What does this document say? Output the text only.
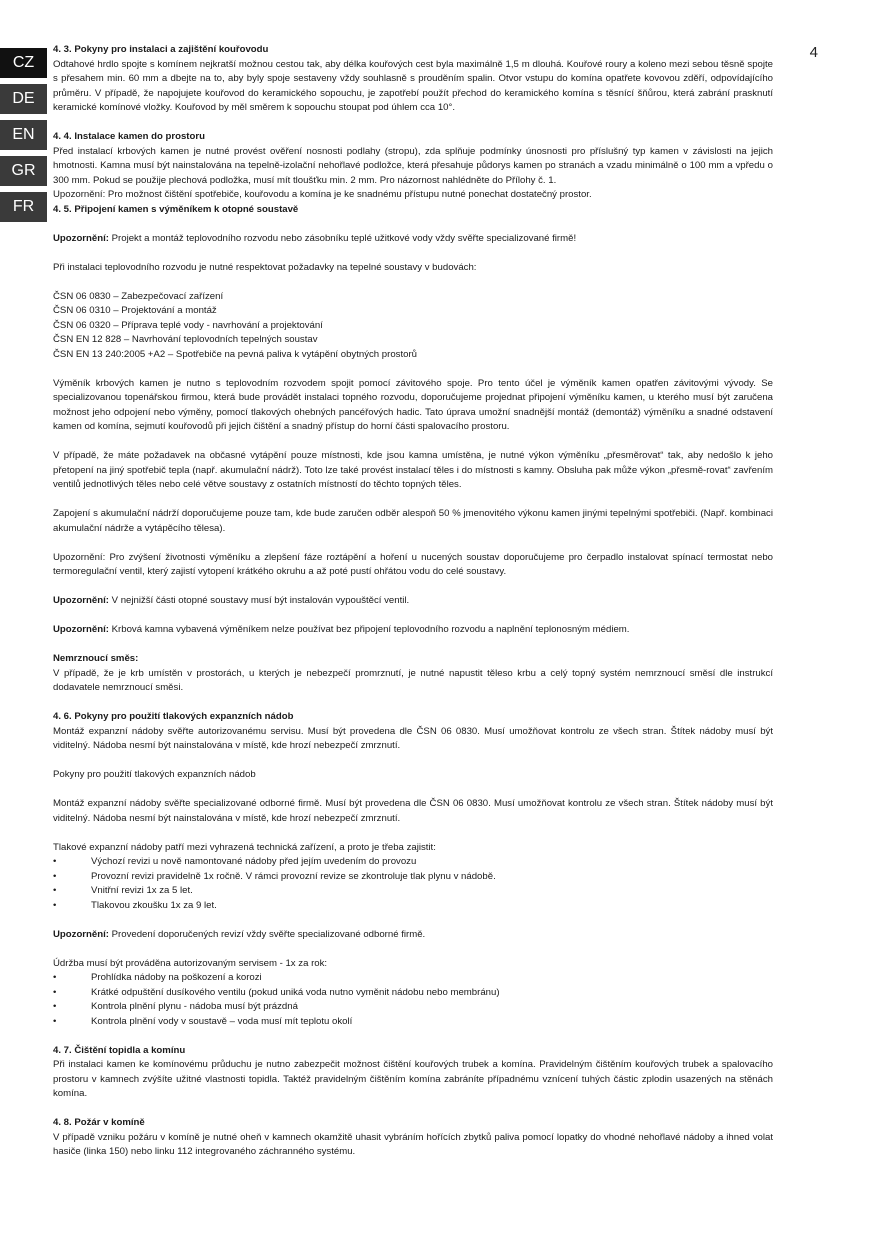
CZ
DE
EN
GR
FR
4

4. 3. Pokyny pro instalaci a zajištění kouřovodu

Odtahové hrdlo spojte s komínem nejkratší možnou cestou tak, aby délka kouřových cest byla maximálně 1,5 m dlouhá. Kouřové roury a koleno mezi sebou těsně spojte s přesahem min. 60 mm a dbejte na to, aby byly spoje sestaveny vždy souhlasně s prouděním spalin. Otvor vstupu do komína opatřete kovovou zdĕří, odpovídajícího průměru. V případě, že napojujete kouřovod do keramického sopouchu, je zapotřebí použít přechod do keramického komína s těsnící šňůrou, která zabrání prasknutí keramické komínové vložky. Kouřovod by měl směrem k sopouchu stoupat pod úhlem cca 10°.

4. 4. Instalace kamen do prostoru

Před instalací krbových kamen je nutné provést ověření nosnosti podlahy (stropu), zda splňuje podmínky únosnosti pro příslušný typ kamen v závislosti na jejich hmotnosti. Kamna musí být nainstalována na tepelně-izolační nehořlavé podložce, která přesahuje půdorys kamen po stranách a vzadu minimálně o 100 mm a vpředu o 300 mm. Pokud se použije plechová podložka, musí mít tloušťku min. 2 mm. Pro názornost nahlédněte do Přílohy č. 1.

Upozornění: Pro možnost čištění spotřebiče, kouřovodu a komína je ke snadnému přístupu nutné ponechat dostatečný prostor.

4. 5. Připojení kamen s výměníkem k otopné soustavě

Upozornění: Projekt a montáž teplovodního rozvodu nebo zásobníku teplé užitkové vody vždy svěřte specializované firmě!

Při instalaci teplovodního rozvodu je nutné respektovat požadavky na tepelné soustavy v budovách:

ČSN 06 0830 – Zabezpečovací zařízení

ČSN 06 0310 – Projektování a montáž

ČSN 06 0320 – Příprava teplé vody - navrhování a projektování

ČSN EN 12 828 – Navrhování teplovodních tepelných soustav

ČSN EN 13 240:2005 +A2 – Spotřebiče na pevná paliva k vytápění obytných prostorů

Výměník krbových kamen je nutno s teplovodním rozvodem spojit pomocí závitového spoje. Pro tento účel je výměník kamen opatřen závitovými vývody. Se specializovanou topenářskou firmou, která bude provádět instalaci topného rozvodu, doporučujeme projednat připojení výměníku kamen, u kterého musí být zaručena možnost jeho odpojení nebo výměny, pomocí tlakových ohebných pancéřových hadic. Tato úprava umožní snadnější montáž (demontáž) výměníku a snadné odstavení kamen od komína, sejmutí kouřovodů při jejich čištění a snadný přístup do horní části spalovacího prostoru.

V případě, že máte požadavek na občasné vytápění pouze místnosti, kde jsou kamna umístěna, je nutné výkon výměníku „přesměrovat“ tak, aby nedošlo k jeho přetopení na jiný spotřebič tepla (např. akumulační nádrž). Toto lze také provést instalací těles i do místnosti s kamny. Obsluha pak může výkon „přesmě-rovat“ zavřením ventilů jednotlivých těles nebo celé větve soustavy z ostatních místností do těchto topných těles.

Zapojení s akumulační nádrží doporučujeme pouze tam, kde bude zaručen odběr alespoň 50 % jmenovitého výkonu kamen jinými tepelnými spotřebiči. (Např. kombinaci akumulační nádrže a vytápěcího tělesa).

Upozornění: Pro zvýšení životnosti výměníku a zlepšení fáze roztápění a hoření u nucených soustav doporučujeme pro čerpadlo instalovat spínací termostat nebo termoregulační ventil, který zajistí vytopení krátkého okruhu a až poté pustí ohřátou vodu do celé soustavy.

Upozornění: V nejnižší části otopné soustavy musí být instalován vypouštěcí ventil.

Upozornění: Krbová kamna vybavená výměníkem nelze používat bez připojení teplovodního rozvodu a naplnění teplonosným médiem.

Nemrznoucí směs:

V případě, že je krb umístěn v prostorách, u kterých je nebezpečí promrznutí, je nutné napustit těleso krbu a celý topný systém nemrznoucí směsí dle instrukcí dodavatele nemrznoucí směsi.

4. 6. Pokyny pro použití tlakových expanzních nádob

Montáž expanzní nádoby svěřte autorizovanému servisu. Musí být provedena dle ČSN 06 0830. Musí umožňovat kontrolu ze všech stran. Štítek nádoby musí být viditelný. Nádoba nesmí být nainstalována v místě, kde hrozí nebezpečí zmrznutí.

Pokyny pro použití tlakových expanzních nádob

Montáž expanzní nádoby svěřte specializované odborné firmě. Musí být provedena dle ČSN 06 0830. Musí umožňovat kontrolu ze všech stran. Štítek nádoby musí být viditelný. Nádoba nesmí být nainstalována v místě, kde hrozí nebezpečí zmrznutí.

Tlakové expanzní nádoby patří mezi vyhrazená technická zařízení, a proto je třeba zajistit:

• Výchozí revizi u nově namontované nádoby před jejím uvedením do provozu
• Provozní revizi pravidelně 1x ročně. V rámci provozní revize se zkontroluje tlak plynu v nádobě.
• Vnitřní revizi 1x za 5 let.
• Tlakovou zkoušku 1x za 9 let.

Upozornění: Provedení doporučených revizí vždy svěřte specializované odborné firmě.

Údržba musí být prováděna autorizovaným servisem - 1x za rok:

• Prohlídka nádoby na poškození a korozi
• Krátké odpuštění dusíkového ventilu (pokud uniká voda nutno vyměnit nádobu nebo membránu)
• Kontrola plnění plynu - nádoba musí být prázdná
• Kontrola plnění vody v soustavě – voda musí mít teplotu okolí

4. 7. Čištění topidla a komínu

Při instalaci kamen ke komínovému průduchu je nutno zabezpečit možnost čištění kouřových trubek a komína. Pravidelným čištěním kouřových trubek a spalovacího prostoru v kamnech zvýšíte užitné vlastnosti topidla. Taktéž pravidelným čištěním komína zabráníte případnému vznícení tuhých částic zplodin usazených na stěnách komína.

4. 8. Požár v komíně

V případě vzniku požáru v komíně je nutné oheň v kamnech okamžitě uhasit vybráním hořících zbytků paliva pomocí lopatky do vhodné nehořlavé nádoby a ihned volat hasiče (linka 150) nebo linku 112 integrovaného záchranného systému.
